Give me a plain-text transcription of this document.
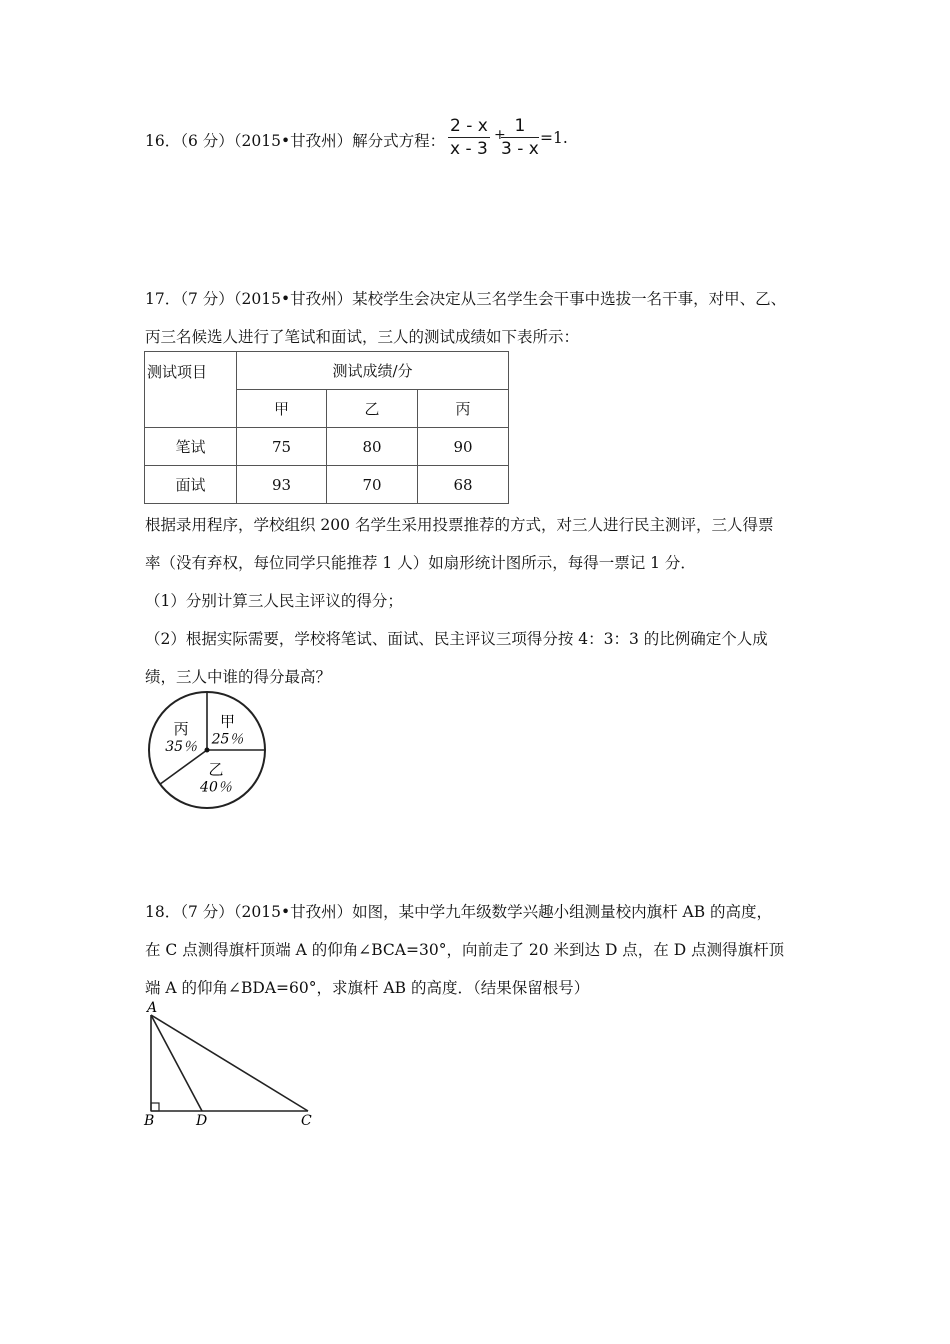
16．（6 分）（2015•甘孜州）解分式方程： $\frac{2 - x}{x - 3}$ +
$\frac{1}{3 - x} =1$.
17．（7 分）（2015•甘孜州）某校学生会决定从三名学生会干事中选拔一名干事，对甲、乙、
丙三名候选人进行了笔试和面试，三人的测试成绩如下表所示：
测试项目	测试成绩/分		
	甲	乙	丙
笔试	75	80	90
面试	93	70	68
根据录用程序，学校组织 200 名学生采用投票推荐的方式，对三人进行民主测评，三人得票
率（没有弃权，每位同学只能推荐 1 人）如扇形统计图所示，每得一票记 1 分．
（1）分别计算三人民主评议的得分；
（2）根据实际需要，学校将笔试、面试、民主评议三项得分按 4：3：3 的比例确定个人成
绩，三人中谁的得分最高？
甲
25％
乙
40％
丙
35％
18．（7 分）（2015•甘孜州）如图，某中学九年级数学兴趣小组测量校内旗杆 AB 的高度，
在 C 点测得旗杆顶端 A 的仰角∠BCA=30°，向前走了 20 米到达 D 点，在 D 点测得旗杆顶
端 A 的仰角∠BDA=60°，求旗杆 AB 的高度．（结果保留根号）
A
B	D	C
